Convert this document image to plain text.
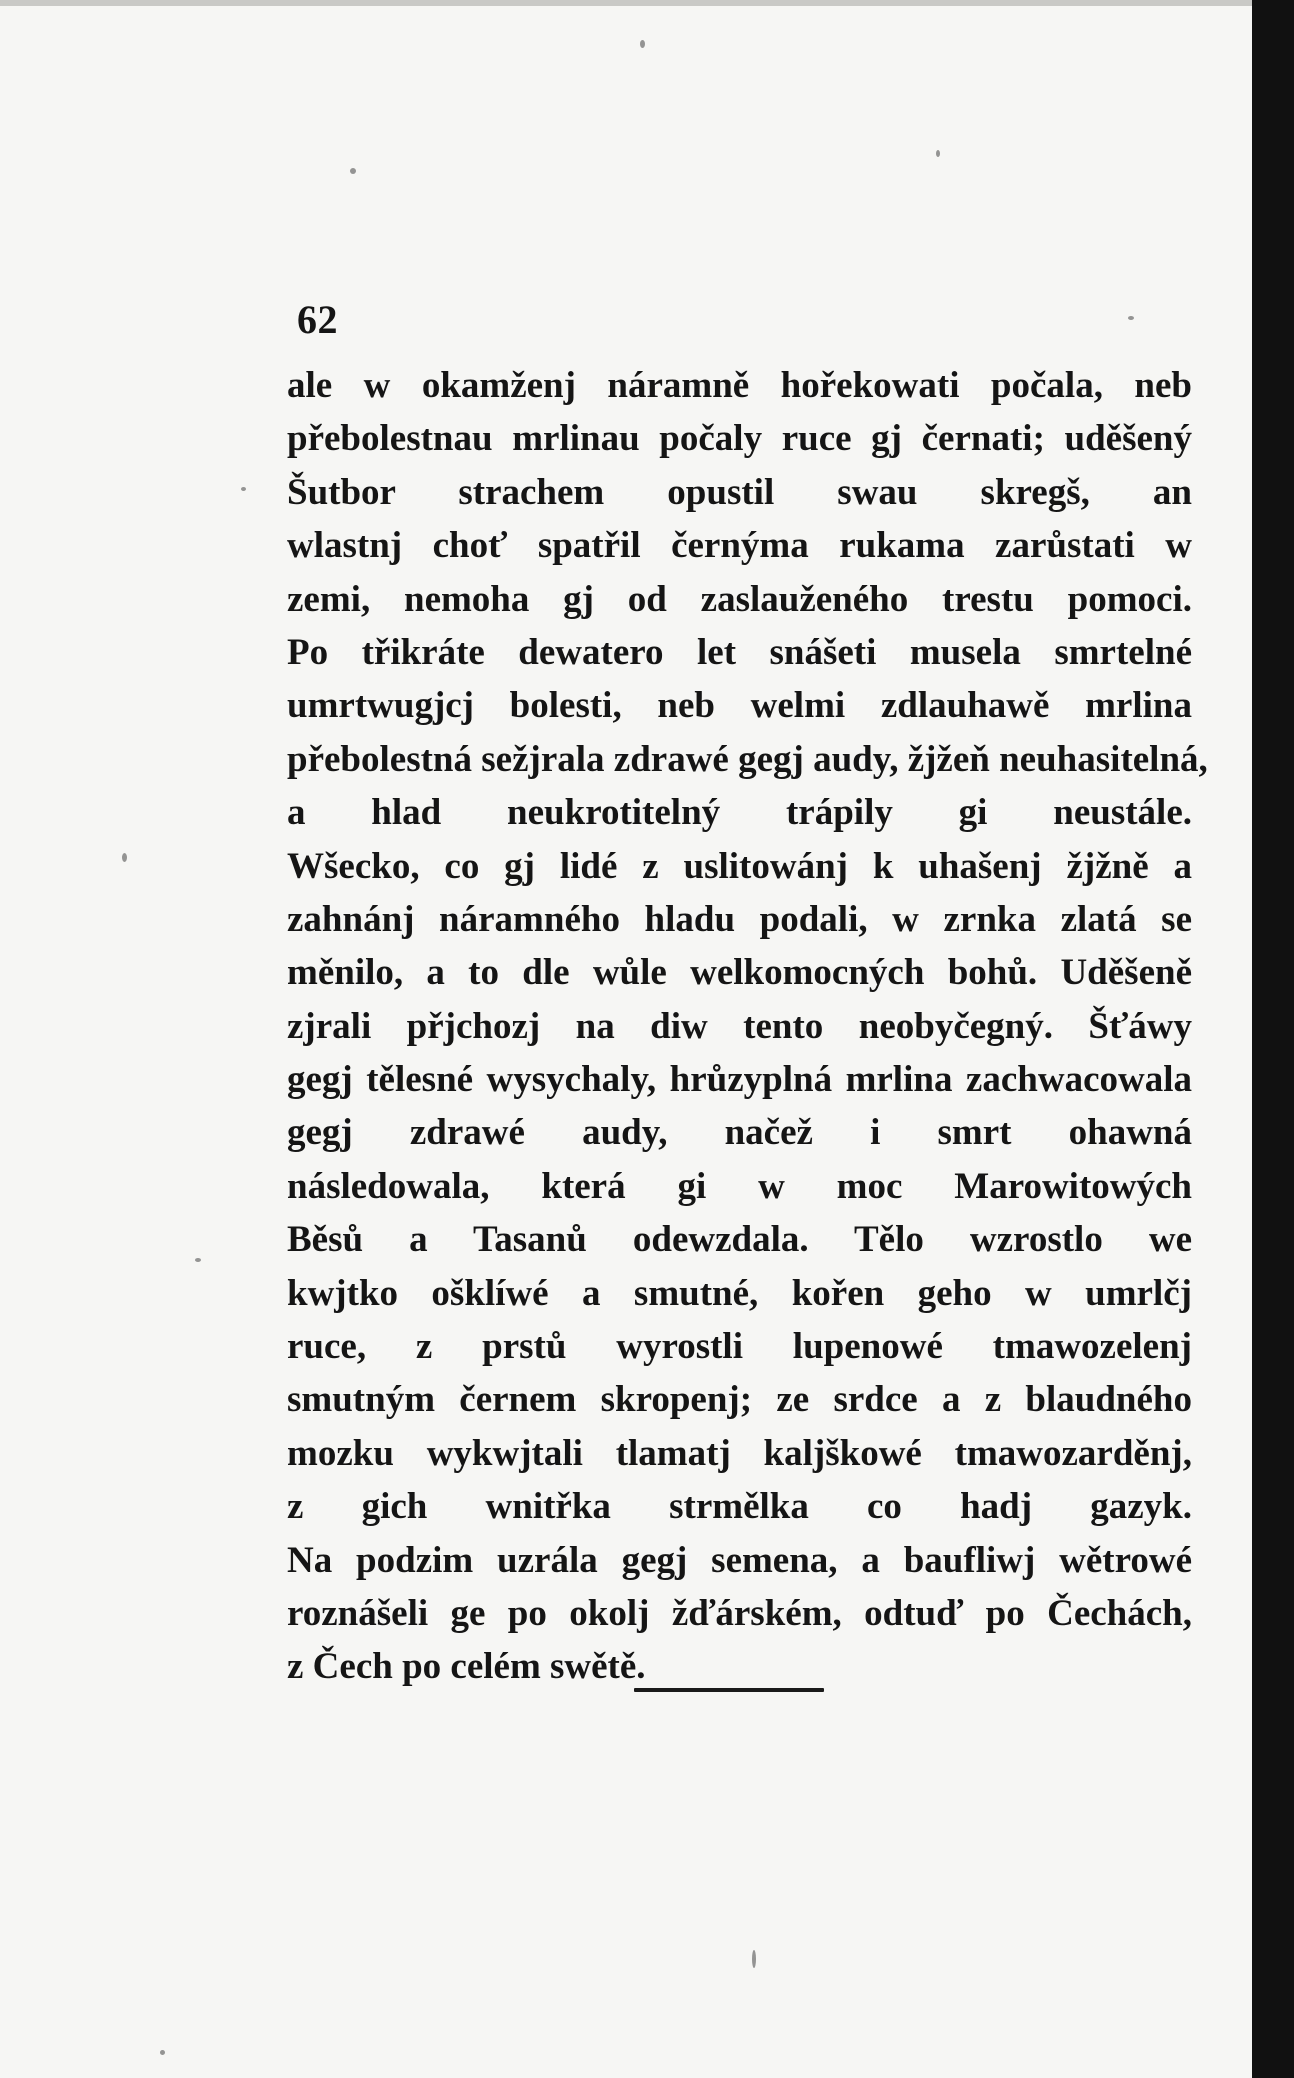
62
ale w okamženj náramně hořekowati počala, neb
přebolestnau mrlinau počaly ruce gj černati; uděšený
Šutbor strachem opustil swau skregš, an
wlastnj choť spatřil černýma rukama zarůstati w
zemi, nemoha gj od zaslauženého trestu pomoci.
Po třikráte dewatero let snášeti musela smrtelné
umrtwugjcj bolesti, neb welmi zdlauhawě mrlina
přebolestná sežjrala zdrawé gegj audy, žjžeň neuhasitelná,
a hlad neukrotitelný trápily gi neustále.
Wšecko, co gj lidé z uslitowánj k uhašenj žjžně a
zahnánj náramného hladu podali, w zrnka zlatá se
měnilo, a to dle wůle welkomocných bohů. Uděšeně
zjrali přjchozj na diw tento neobyčegný. Šťáwy
gegj tělesné wysychaly, hrůzyplná mrlina zachwacowala
gegj zdrawé audy, načež i smrt ohawná
následowala, která gi w moc Marowitowých
Běsů a Tasanů odewzdala. Tělo wzrostlo we
kwjtko ošklíwé a smutné, kořen geho w umrlčj
ruce, z prstů wyrostli lupenowé tmawozelenj
smutným černem skropenj; ze srdce a z blaudného
mozku wykwjtali tlamatj kaljškowé tmawozarděnj,
z gich wnitřka strmělka co hadj gazyk.
Na podzim uzrála gegj semena, a baufliwj wětrowé
roznášeli ge po okolj žďárském, odtuď po Čechách,
z Čech po celém swětě.
